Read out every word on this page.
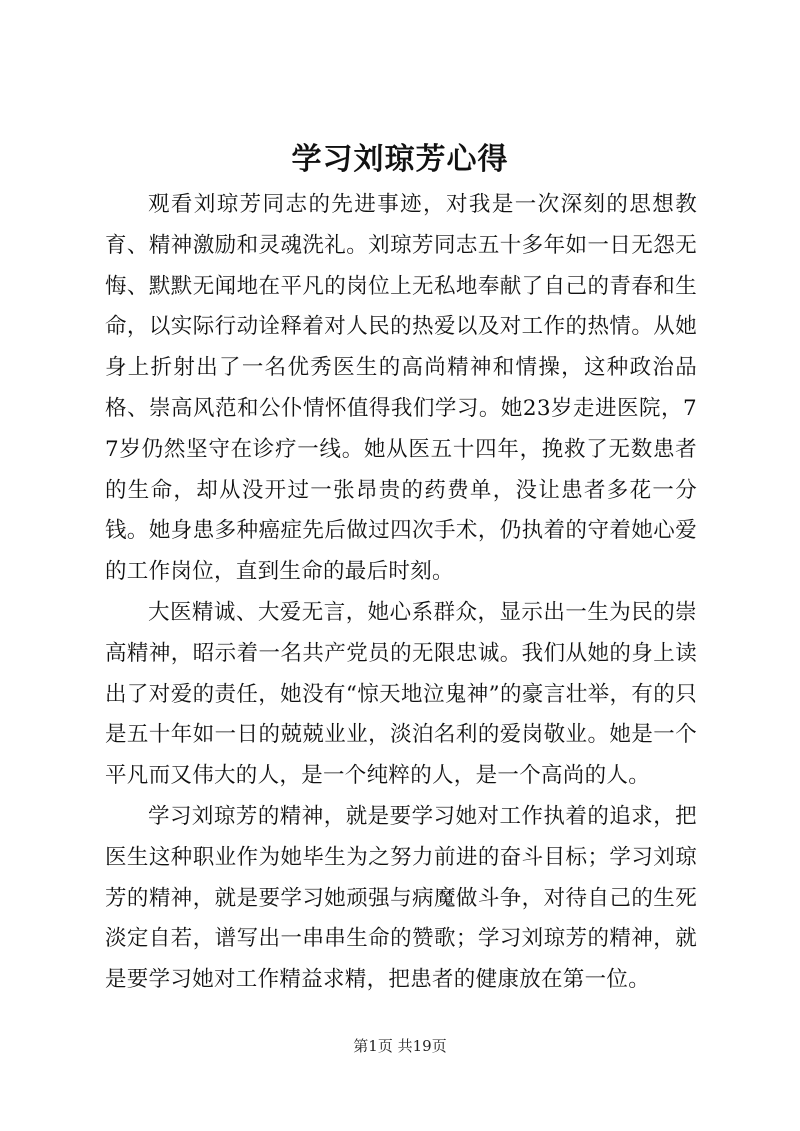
学习刘琼芳心得

观看刘琼芳同志的先进事迹，对我是一次深刻的思想教育、精神激励和灵魂洗礼。刘琼芳同志五十多年如一日无怨无悔、默默无闻地在平凡的岗位上无私地奉献了自己的青春和生命，以实际行动诠释着对人民的热爱以及对工作的热情。从她身上折射出了一名优秀医生的高尚精神和情操，这种政治品格、崇高风范和公仆情怀值得我们学习。她23岁走进医院，77岁仍然坚守在诊疗一线。她从医五十四年，挽救了无数患者的生命，却从没开过一张昂贵的药费单，没让患者多花一分钱。她身患多种癌症先后做过四次手术，仍执着的守着她心爱的工作岗位，直到生命的最后时刻。

大医精诚、大爱无言，她心系群众，显示出一生为民的崇高精神，昭示着一名共产党员的无限忠诚。我们从她的身上读出了对爱的责任，她没有“惊天地泣鬼神”的豪言壮举，有的只是五十年如一日的兢兢业业，淡泊名利的爱岗敬业。她是一个平凡而又伟大的人，是一个纯粹的人，是一个高尚的人。

学习刘琼芳的精神，就是要学习她对工作执着的追求，把医生这种职业作为她毕生为之努力前进的奋斗目标；学习刘琼芳的精神，就是要学习她顽强与病魔做斗争，对待自己的生死淡定自若，谱写出一串串生命的赞歌；学习刘琼芳的精神，就是要学习她对工作精益求精，把患者的健康放在第一位。

第1页 共19页
